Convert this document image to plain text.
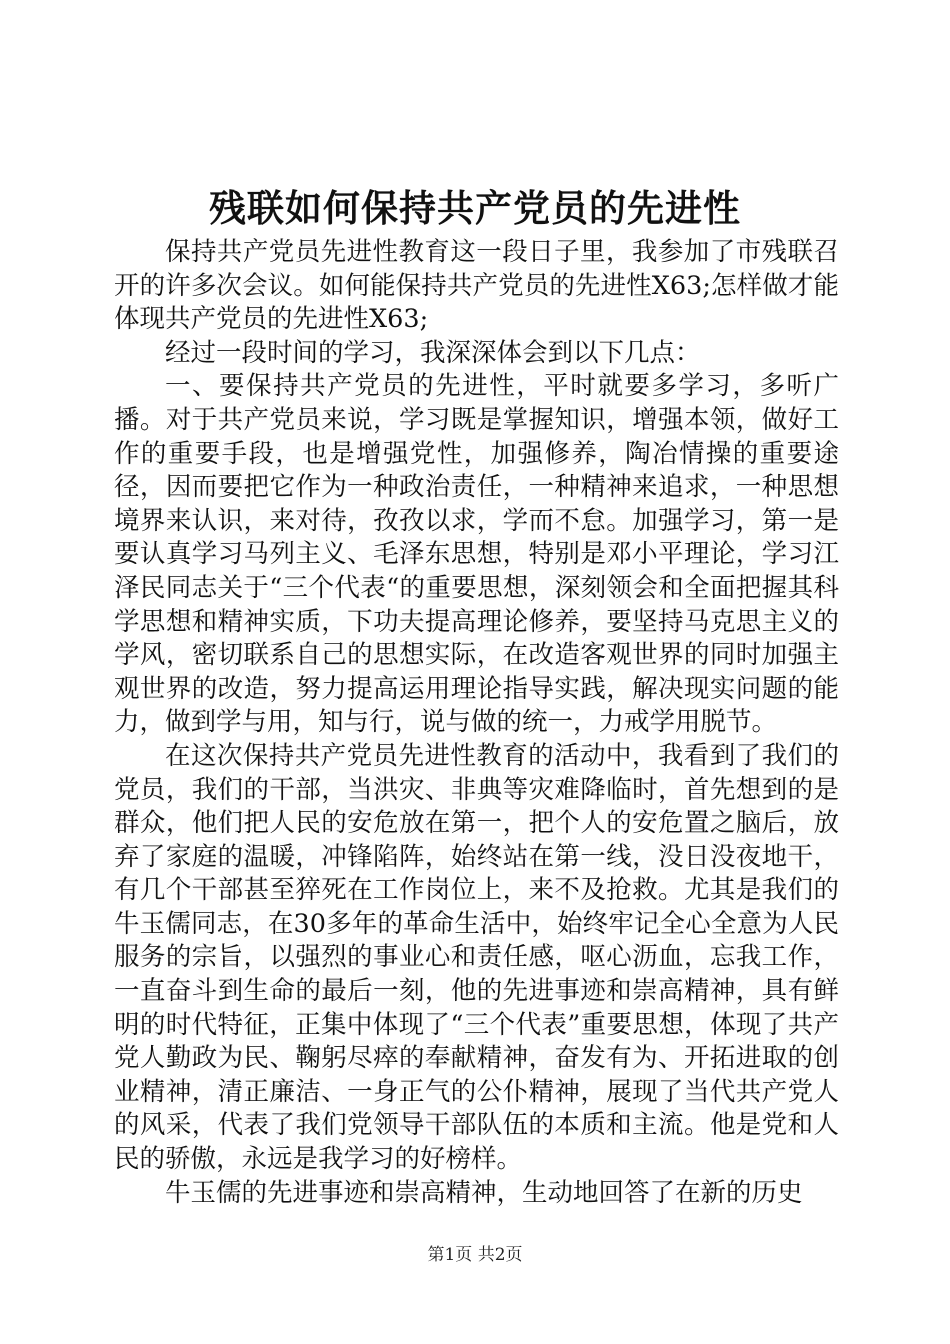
残联如何保持共产党员的先进性

保持共产党员先进性教育这一段日子里，我参加了市残联召开的许多次会议。如何能保持共产党员的先进性X63;怎样做才能体现共产党员的先进性X63;

经过一段时间的学习，我深深体会到以下几点：

一、要保持共产党员的先进性，平时就要多学习，多听广播。对于共产党员来说，学习既是掌握知识，增强本领，做好工作的重要手段，也是增强党性，加强修养，陶冶情操的重要途径，因而要把它作为一种政治责任，一种精神来追求，一种思想境界来认识，来对待，孜孜以求，学而不怠。加强学习，第一是要认真学习马列主义、毛泽东思想，特别是邓小平理论，学习江泽民同志关于“三个代表“的重要思想，深刻领会和全面把握其科学思想和精神实质，下功夫提高理论修养，要坚持马克思主义的学风，密切联系自己的思想实际，在改造客观世界的同时加强主观世界的改造，努力提高运用理论指导实践，解决现实问题的能力，做到学与用，知与行，说与做的统一，力戒学用脱节。

在这次保持共产党员先进性教育的活动中，我看到了我们的党员，我们的干部，当洪灾、非典等灾难降临时，首先想到的是群众，他们把人民的安危放在第一，把个人的安危置之脑后，放弃了家庭的温暖，冲锋陷阵，始终站在第一线，没日没夜地干，有几个干部甚至猝死在工作岗位上，来不及抢救。尤其是我们的牛玉儒同志，在30多年的革命生活中，始终牢记全心全意为人民服务的宗旨，以强烈的事业心和责任感，呕心沥血，忘我工作，一直奋斗到生命的最后一刻，他的先进事迹和崇高精神，具有鲜明的时代特征，正集中体现了“三个代表”重要思想，体现了共产党人勤政为民、鞠躬尽瘁的奉献精神，奋发有为、开拓进取的创业精神，清正廉洁、一身正气的公仆精神，展现了当代共产党人的风采，代表了我们党领导干部队伍的本质和主流。他是党和人民的骄傲，永远是我学习的好榜样。

牛玉儒的先进事迹和崇高精神，生动地回答了在新的历史

第1页 共2页
